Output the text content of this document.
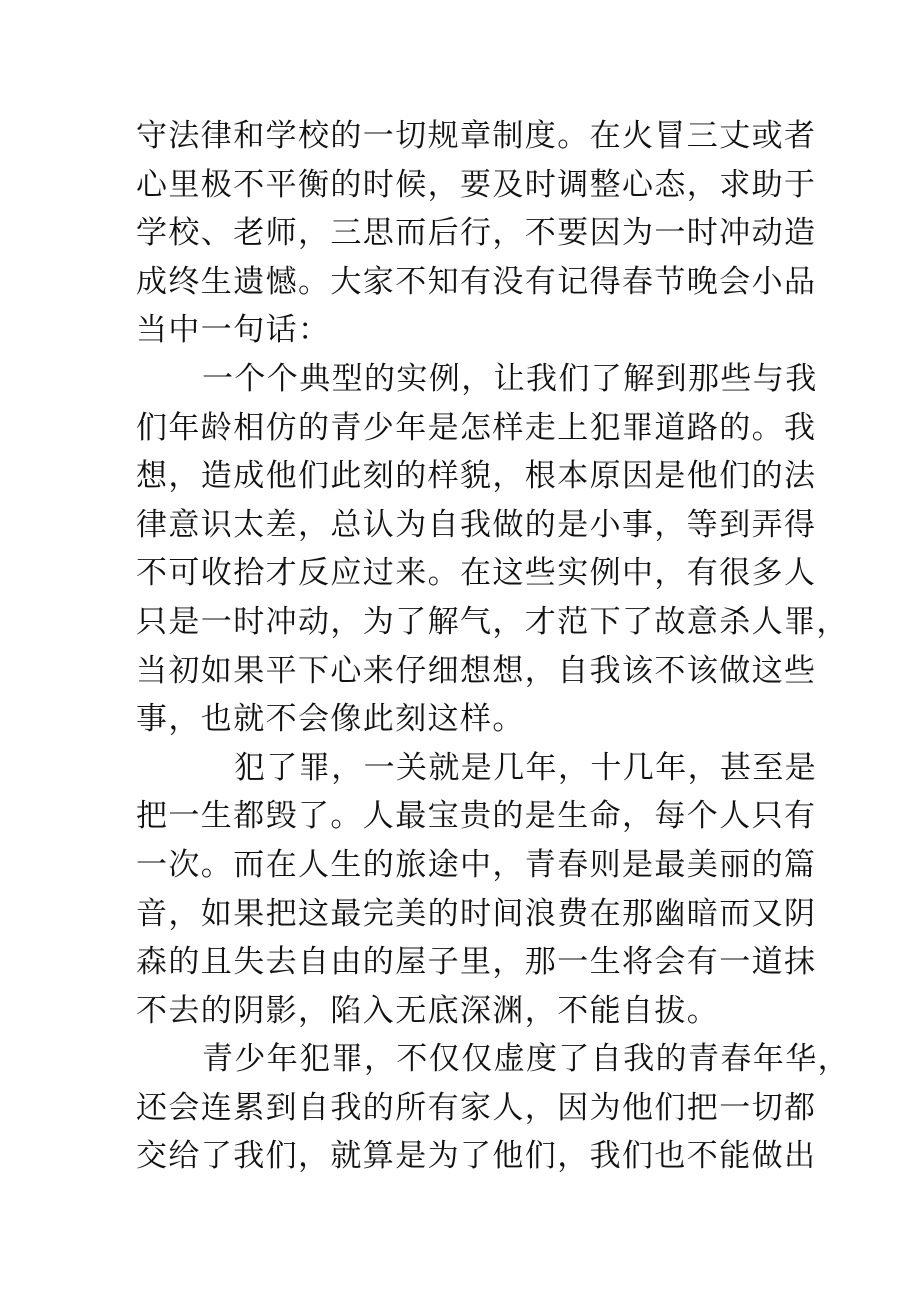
守法律和学校的一切规章制度。在火冒三丈或者
心里极不平衡的时候，要及时调整心态，求助于
学校、老师，三思而后行，不要因为一时冲动造
成终生遗憾。大家不知有没有记得春节晚会小品
当中一句话：
一个个典型的实例，让我们了解到那些与我
们年龄相仿的青少年是怎样走上犯罪道路的。我
想，造成他们此刻的样貌，根本原因是他们的法
律意识太差，总认为自我做的是小事，等到弄得
不可收拾才反应过来。在这些实例中，有很多人
只是一时冲动，为了解气，才范下了故意杀人罪，
当初如果平下心来仔细想想，自我该不该做这些
事，也就不会像此刻这样。
犯了罪，一关就是几年，十几年，甚至是
把一生都毁了。人最宝贵的是生命，每个人只有
一次。而在人生的旅途中，青春则是最美丽的篇
音，如果把这最完美的时间浪费在那幽暗而又阴
森的且失去自由的屋子里，那一生将会有一道抹
不去的阴影，陷入无底深渊，不能自拔。
青少年犯罪，不仅仅虚度了自我的青春年华，
还会连累到自我的所有家人，因为他们把一切都
交给了我们，就算是为了他们，我们也不能做出
